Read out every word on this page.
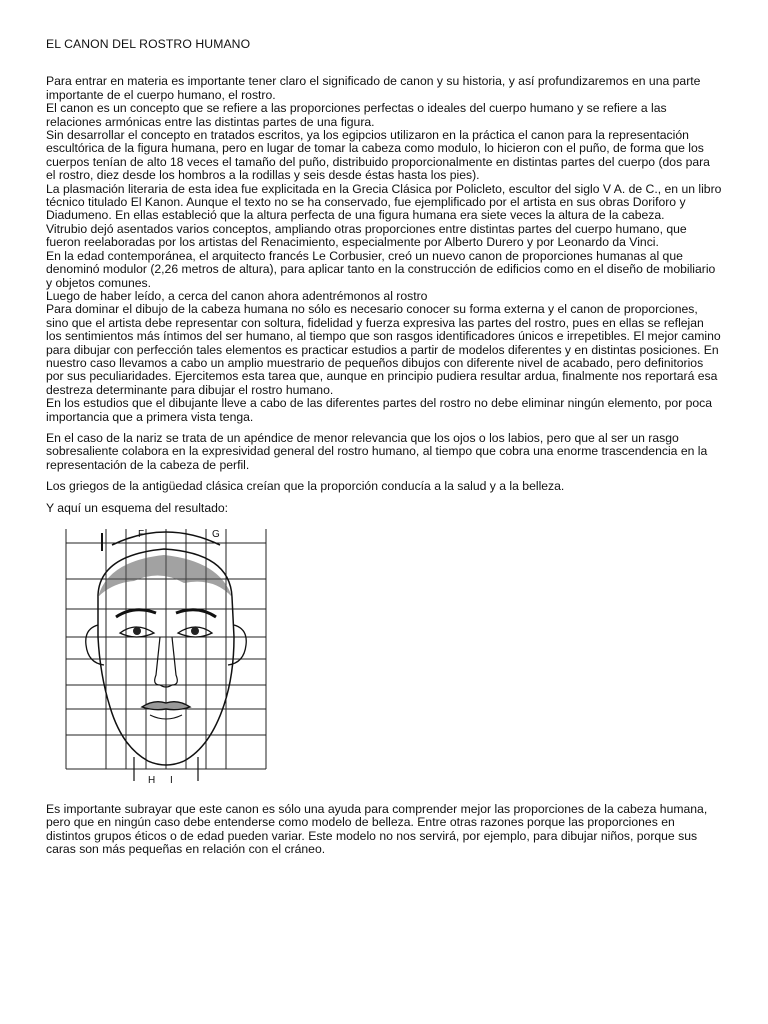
EL CANON DEL ROSTRO HUMANO

Para entrar en materia es importante tener claro el significado de canon y su historia, y así profundizaremos en una parte importante de el cuerpo humano, el rostro.

El canon es un concepto que se refiere a las proporciones perfectas o ideales del cuerpo humano y se refiere a las relaciones armónicas entre las distintas partes de una figura.

Sin desarrollar el concepto en tratados escritos, ya los egipcios utilizaron en la práctica el canon para la representación escultórica de la figura humana, pero en lugar de tomar la cabeza como modulo, lo hicieron con el puño, de forma que los cuerpos tenían de alto 18 veces el tamaño del puño, distribuido proporcionalmente en distintas partes del cuerpo (dos para el rostro, diez desde los hombros a la rodillas y seis desde éstas hasta los pies).

La plasmación literaria de esta idea fue explicitada en la Grecia Clásica por Policleto, escultor del siglo V A. de C., en un libro técnico titulado El Kanon. Aunque el texto no se ha conservado, fue ejemplificado por el artista en sus obras Doriforo y Diadumeno. En ellas estableció que la altura perfecta de una figura humana era siete veces la altura de la cabeza.

Vitrubio dejó asentados varios conceptos, ampliando otras proporciones entre distintas partes del cuerpo humano, que fueron reelaboradas por los artistas del Renacimiento, especialmente por Alberto Durero y por Leonardo da Vinci.

En la edad contemporánea, el arquitecto francés Le Corbusier, creó un nuevo canon de proporciones humanas al que denominó modulor (2,26 metros de altura), para aplicar tanto en la construcción de edificios como en el diseño de mobiliario y objetos comunes.

Luego de haber leído, a cerca del canon ahora adentrémonos al rostro

Para dominar el dibujo de la cabeza humana no sólo es necesario conocer su forma externa y el canon de proporciones, sino que el artista debe representar con soltura, fidelidad y fuerza expresiva las partes del rostro, pues en ellas se reflejan los sentimientos más íntimos del ser humano, al tiempo que son rasgos identificadores únicos e irrepetibles. El mejor camino para dibujar con perfección tales elementos es practicar estudios a partir de modelos diferentes y en distintas posiciones. En nuestro caso llevamos a cabo un amplio muestrario de pequeños dibujos con diferente nivel de acabado, pero definitorios por sus peculiaridades. Ejercitemos esta tarea que, aunque en principio pudiera resultar ardua, finalmente nos reportará esa destreza determinante para dibujar el rostro humano.

En los estudios que el dibujante lleve a cabo de las diferentes partes del rostro no debe eliminar ningún elemento, por poca importancia que a primera vista tenga.

En el caso de la nariz se trata de un apéndice de menor relevancia que los ojos o los labios, pero que al ser un rasgo sobresaliente colabora en la expresividad general del rostro humano, al tiempo que cobra una enorme trascendencia en la representación de la cabeza de perfil.

Los griegos de la antigüedad clásica creían que la proporción conducía a la salud y a la belleza.

Y aquí un esquema del resultado:

F	G
H I

Es importante subrayar que este canon es sólo una ayuda para comprender mejor las proporciones de la cabeza humana, pero que en ningún caso debe entenderse como modelo de belleza. Entre otras razones porque las proporciones en distintos grupos éticos o de edad pueden variar. Este modelo no nos servirá, por ejemplo, para dibujar niños, porque sus caras son más pequeñas en relación con el cráneo.
